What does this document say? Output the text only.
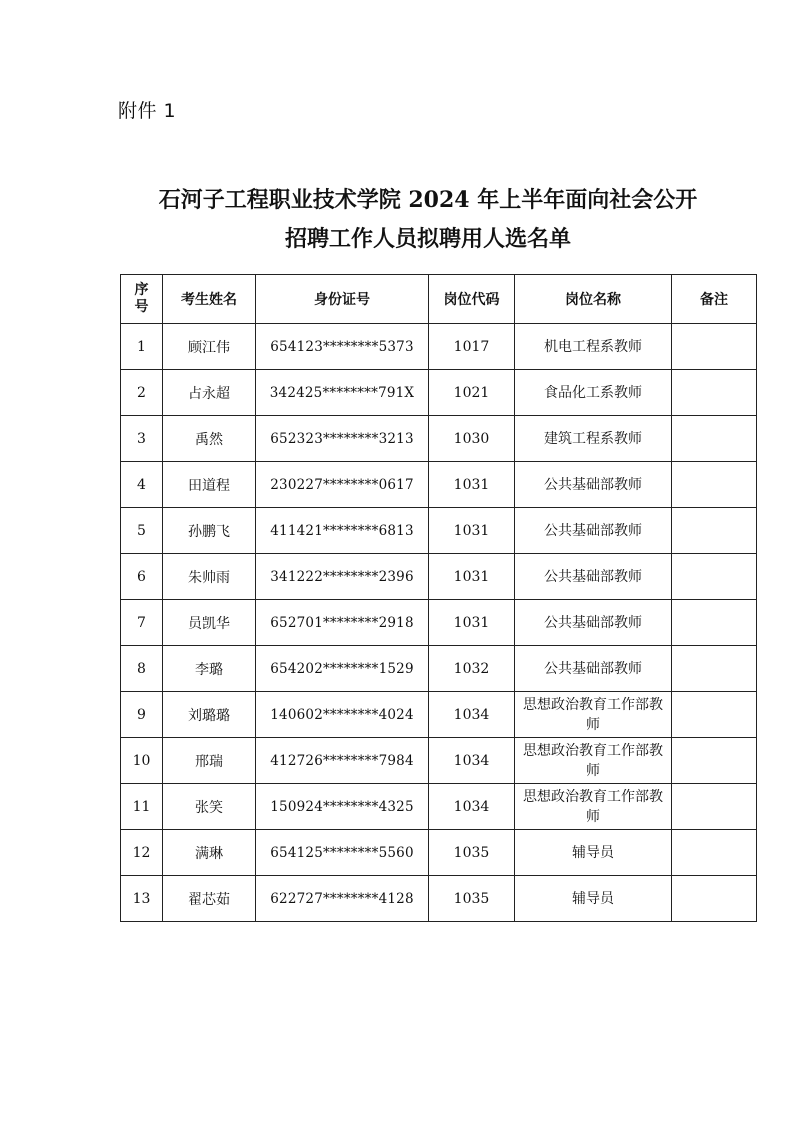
附件 1
石河子工程职业技术学院 2024 年上半年面向社会公开
招聘工作人员拟聘用人选名单
序号	考生姓名	身份证号	岗位代码	岗位名称	备注
1	顾江伟	654123********5373	1017	机电工程系教师	
2	占永超	342425********791X	1021	食品化工系教师	
3	禹然	652323********3213	1030	建筑工程系教师	
4	田道程	230227********0617	1031	公共基础部教师	
5	孙鹏飞	411421********6813	1031	公共基础部教师	
6	朱帅雨	341222********2396	1031	公共基础部教师	
7	员凯华	652701********2918	1031	公共基础部教师	
8	李璐	654202********1529	1032	公共基础部教师	
9	刘璐璐	140602********4024	1034	思想政治教育工作部教师	
10	邢瑞	412726********7984	1034	思想政治教育工作部教师	
11	张笑	150924********4325	1034	思想政治教育工作部教师	
12	满琳	654125********5560	1035	辅导员	
13	翟芯茹	622727********4128	1035	辅导员	
